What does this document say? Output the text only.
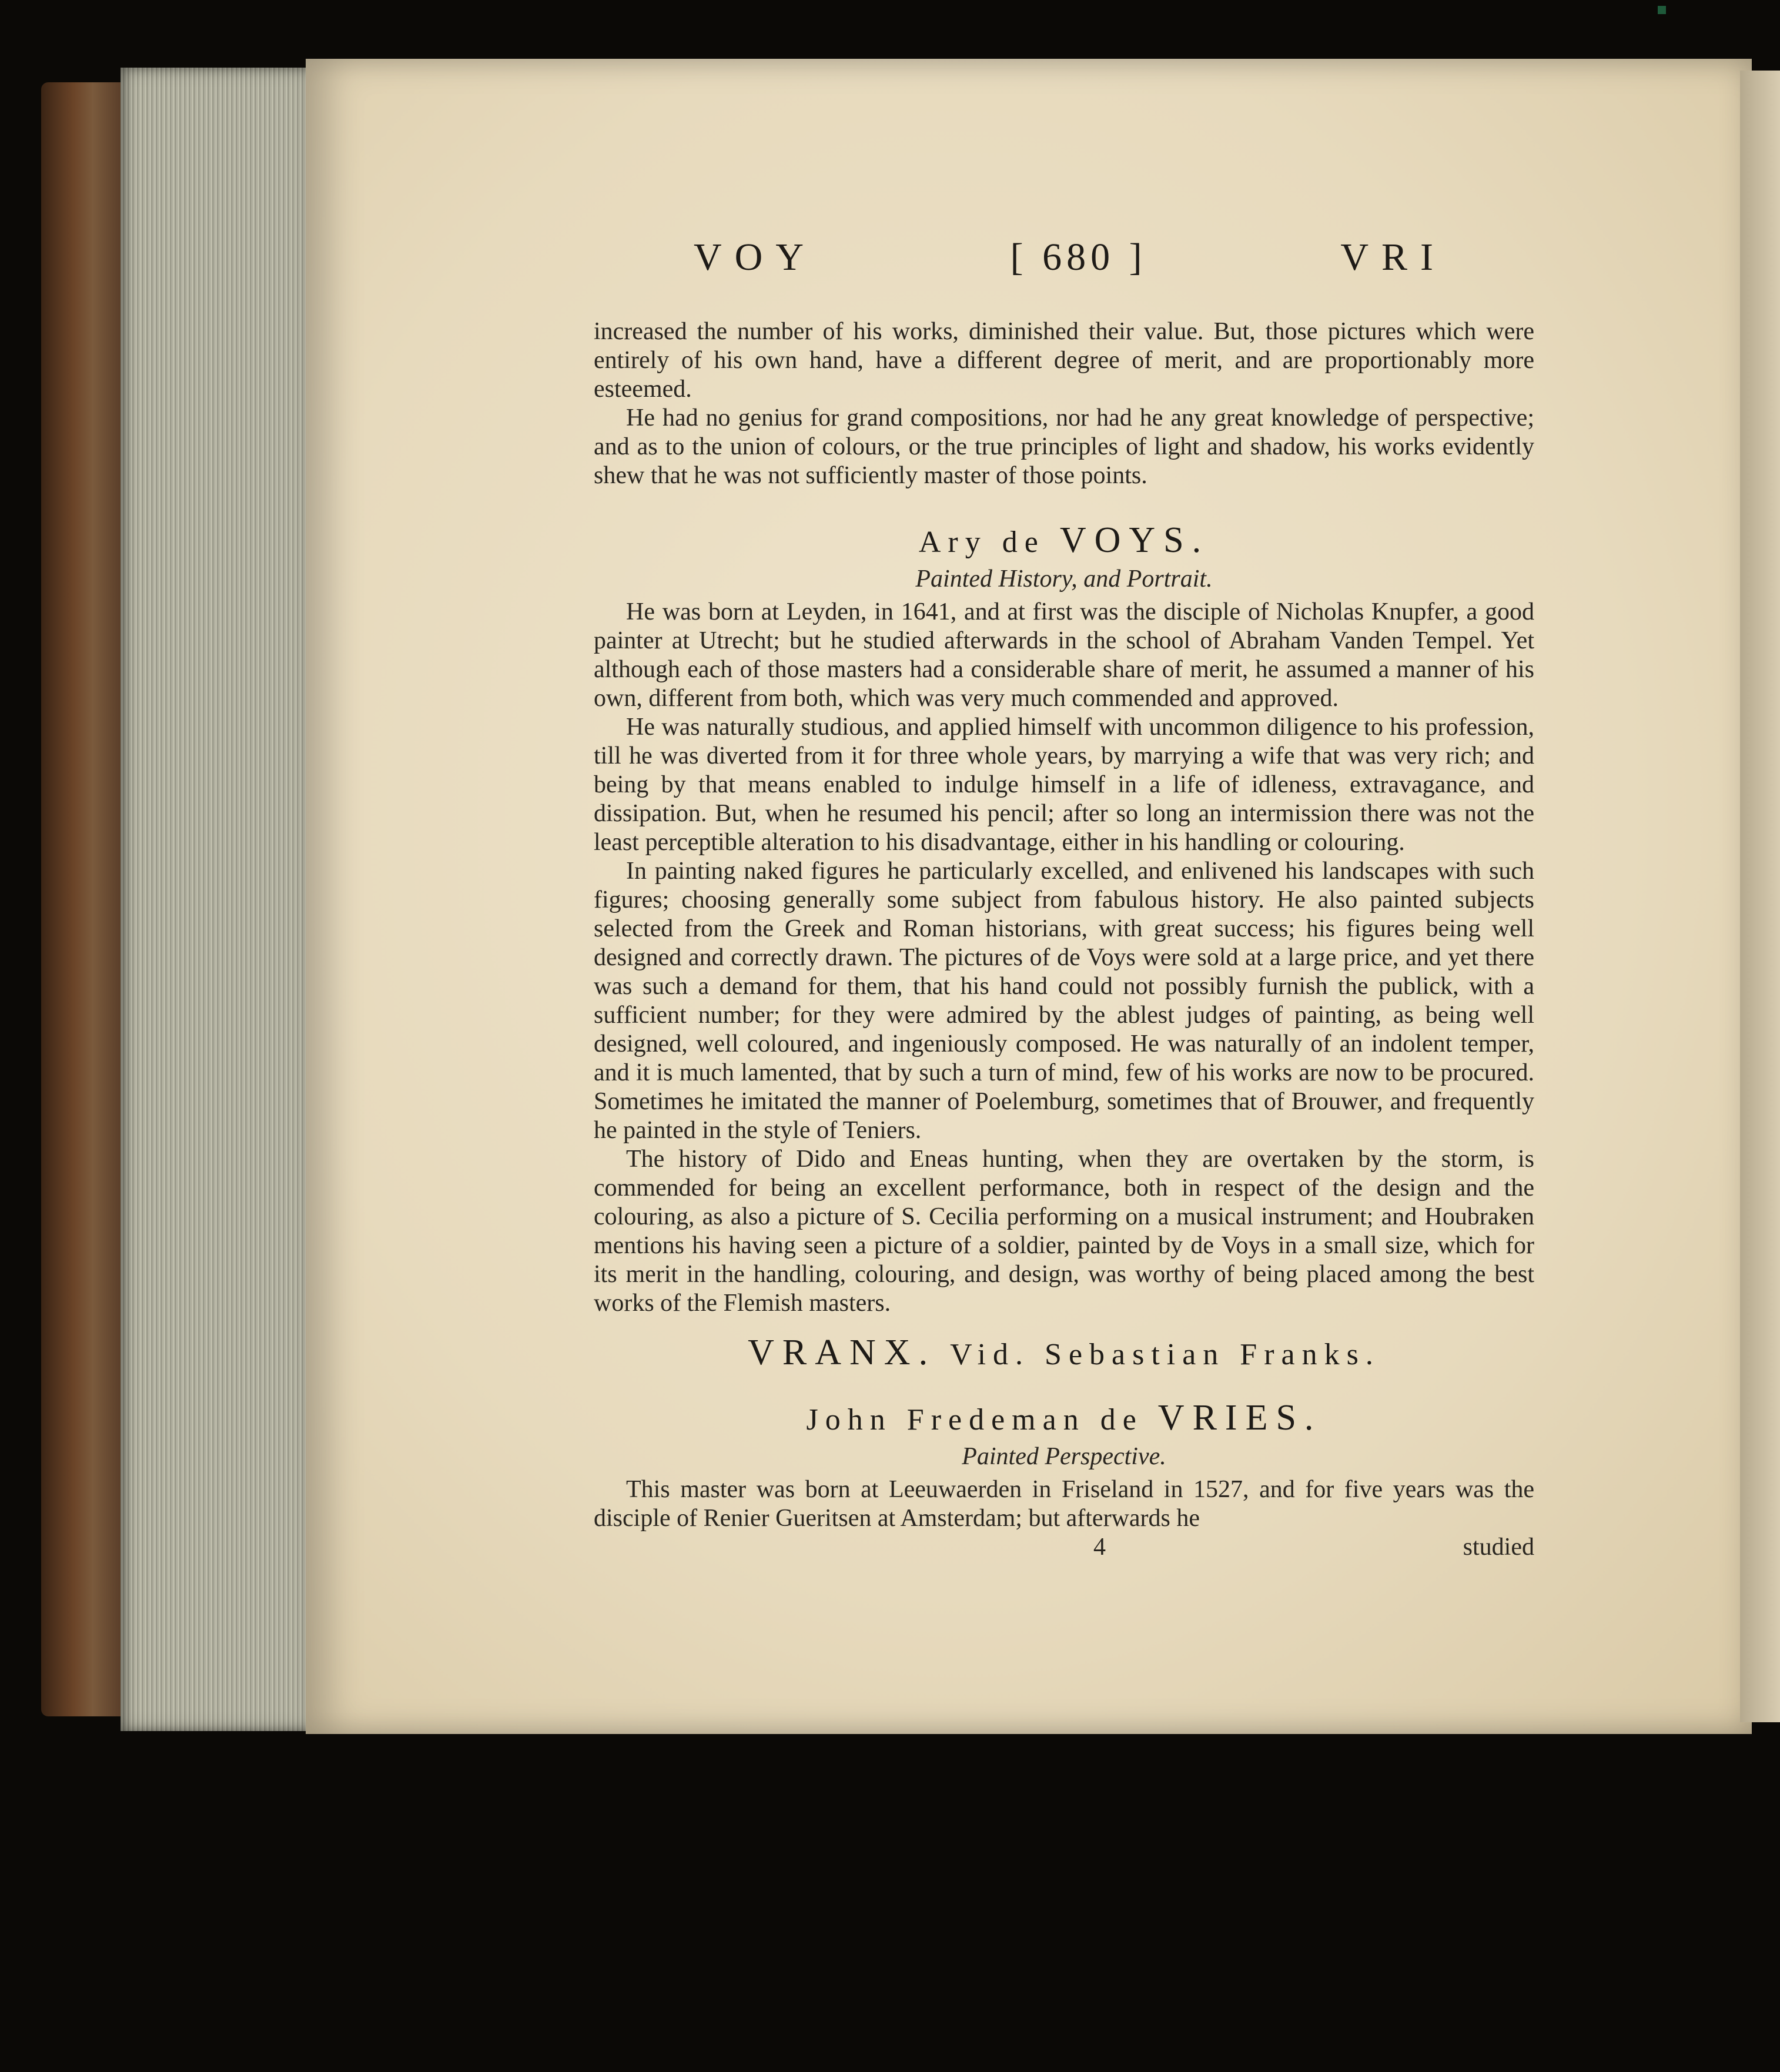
VOY	[ 680 ]	VRI

increased the number of his works, diminished their value. But, those pictures which were entirely of his own hand, have a different degree of merit, and are proportionably more esteemed.

He had no genius for grand compositions, nor had he any great knowledge of perspective; and as to the union of colours, or the true principles of light and shadow, his works evidently shew that he was not sufficiently master of those points.

Ary de VOYS.
Painted History, and Portrait.

He was born at Leyden, in 1641, and at first was the disciple of Nicholas Knupfer, a good painter at Utrecht; but he studied afterwards in the school of Abraham Vanden Tempel. Yet although each of those masters had a considerable share of merit, he assumed a manner of his own, different from both, which was very much commended and approved.

He was naturally studious, and applied himself with uncommon diligence to his profession, till he was diverted from it for three whole years, by marrying a wife that was very rich; and being by that means enabled to indulge himself in a life of idleness, extravagance, and dissipation. But, when he resumed his pencil; after so long an intermission there was not the least perceptible alteration to his disadvantage, either in his handling or colouring.

In painting naked figures he particularly excelled, and enlivened his landscapes with such figures; choosing generally some subject from fabulous history. He also painted subjects selected from the Greek and Roman historians, with great success; his figures being well designed and correctly drawn. The pictures of de Voys were sold at a large price, and yet there was such a demand for them, that his hand could not possibly furnish the publick, with a sufficient number; for they were admired by the ablest judges of painting, as being well designed, well coloured, and ingeniously composed. He was naturally of an indolent temper, and it is much lamented, that by such a turn of mind, few of his works are now to be procured. Sometimes he imitated the manner of Poelemburg, sometimes that of Brouwer, and frequently he painted in the style of Teniers.

The history of Dido and Eneas hunting, when they are overtaken by the storm, is commended for being an excellent performance, both in respect of the design and the colouring, as also a picture of S. Cecilia performing on a musical instrument; and Houbraken mentions his having seen a picture of a soldier, painted by de Voys in a small size, which for its merit in the handling, colouring, and design, was worthy of being placed among the best works of the Flemish masters.

VRANX. Vid. Sebastian Franks.
John Fredeman de VRIES.
Painted Perspective.

This master was born at Leeuwaerden in Friseland in 1527, and for five years was the disciple of Renier Gueritsen at Amsterdam; but afterwards he

4	studied
